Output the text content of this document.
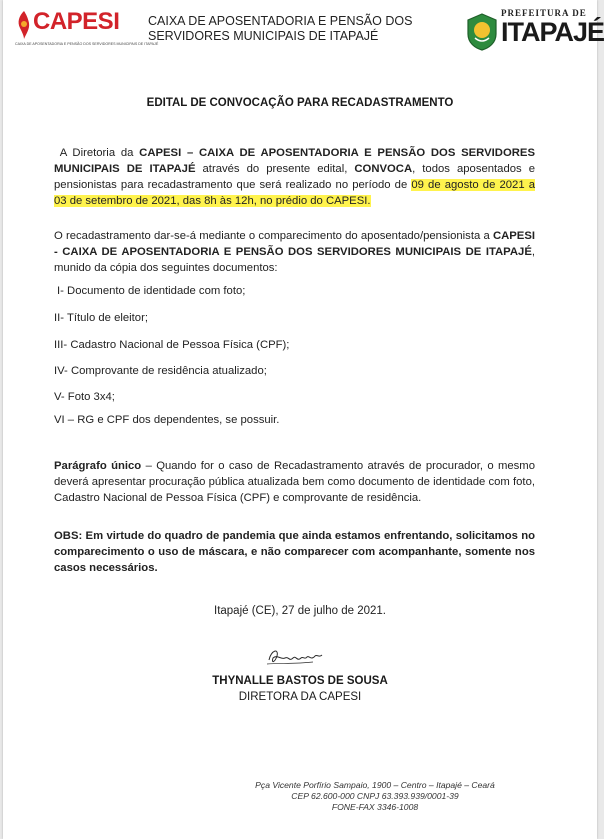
CAPESI
CAIXA DE APOSENTADORIA E PENSÃO DOS SERVIDORES MUNICIPAIS DE ITAPAJÉ
CAIXA DE APOSENTADORIA E PENSÃO DOS
SERVIDORES MUNICIPAIS DE ITAPAJÉ
PREFEITURA DE
ITAPAJÉ
EDITAL DE CONVOCAÇÃO PARA RECADASTRAMENTO
A Diretoria da CAPESI – CAIXA DE APOSENTADORIA E PENSÃO DOS SERVIDORES MUNICIPAIS DE ITAPAJÉ através do presente edital, CONVOCA, todos aposentados e pensionistas para recadastramento que será realizado no período de 09 de agosto de 2021 a 03 de setembro de 2021, das 8h às 12h, no prédio do CAPESI.
O recadastramento dar-se-á mediante o comparecimento do aposentado/pensionista a CAPESI - CAIXA DE APOSENTADORIA E PENSÃO DOS SERVIDORES MUNICIPAIS DE ITAPAJÉ, munido da cópia dos seguintes documentos:
I- Documento de identidade com foto;
II- Título de eleitor;
III- Cadastro Nacional de Pessoa Física (CPF);
IV- Comprovante de residência atualizado;
V- Foto 3x4;
VI – RG e CPF dos dependentes, se possuir.
Parágrafo único – Quando for o caso de Recadastramento através de procurador, o mesmo deverá apresentar procuração pública atualizada bem como documento de identidade com foto, Cadastro Nacional de Pessoa Física (CPF) e comprovante de residência.
OBS: Em virtude do quadro de pandemia que ainda estamos enfrentando, solicitamos no comparecimento o uso de máscara, e não comparecer com acompanhante, somente nos casos necessários.
Itapajé (CE), 27 de julho de 2021.
THYNALLE BASTOS DE SOUSA
DIRETORA DA CAPESI
Pça Vicente Porfírio Sampaio, 1900 – Centro – Itapajé – Ceará
CEP 62.600-000 CNPJ 63.393.939/0001-39
FONE-FAX 3346-1008
